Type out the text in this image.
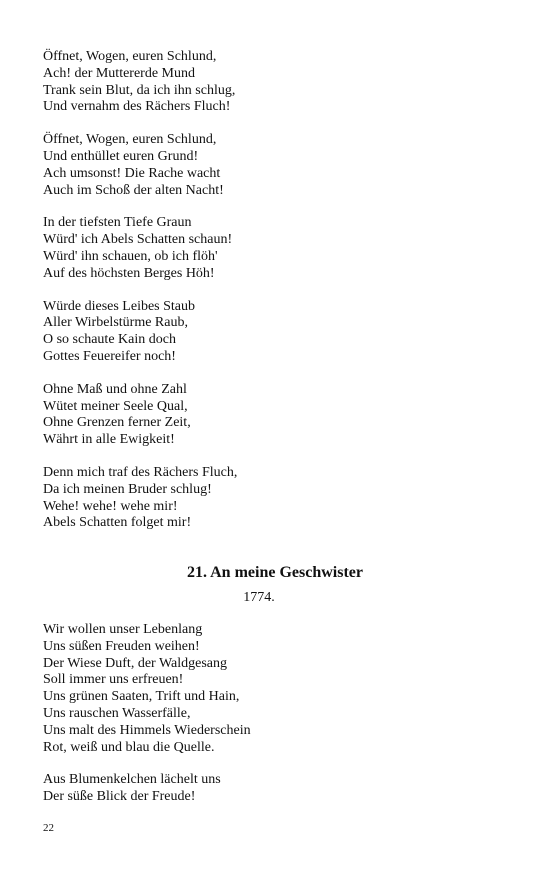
Öffnet, Wogen, euren Schlund,
Ach! der Muttererde Mund
Trank sein Blut, da ich ihn schlug,
Und vernahm des Rächers Fluch!
Öffnet, Wogen, euren Schlund,
Und enthüllet euren Grund!
Ach umsonst! Die Rache wacht
Auch im Schoß der alten Nacht!
In der tiefsten Tiefe Graun
Würd' ich Abels Schatten schaun!
Würd' ihn schauen, ob ich flöh'
Auf des höchsten Berges Höh!
Würde dieses Leibes Staub
Aller Wirbelstürme Raub,
O so schaute Kain doch
Gottes Feuereifer noch!
Ohne Maß und ohne Zahl
Wütet meiner Seele Qual,
Ohne Grenzen ferner Zeit,
Währt in alle Ewigkeit!
Denn mich traf des Rächers Fluch,
Da ich meinen Bruder schlug!
Wehe! wehe! wehe mir!
Abels Schatten folget mir!
21. An meine Geschwister
1774.
Wir wollen unser Lebenlang
Uns süßen Freuden weihen!
Der Wiese Duft, der Waldgesang
Soll immer uns erfreuen!
Uns grünen Saaten, Trift und Hain,
Uns rauschen Wasserfälle,
Uns malt des Himmels Wiederschein
Rot, weiß und blau die Quelle.
Aus Blumenkelchen lächelt uns
Der süße Blick der Freude!
22
